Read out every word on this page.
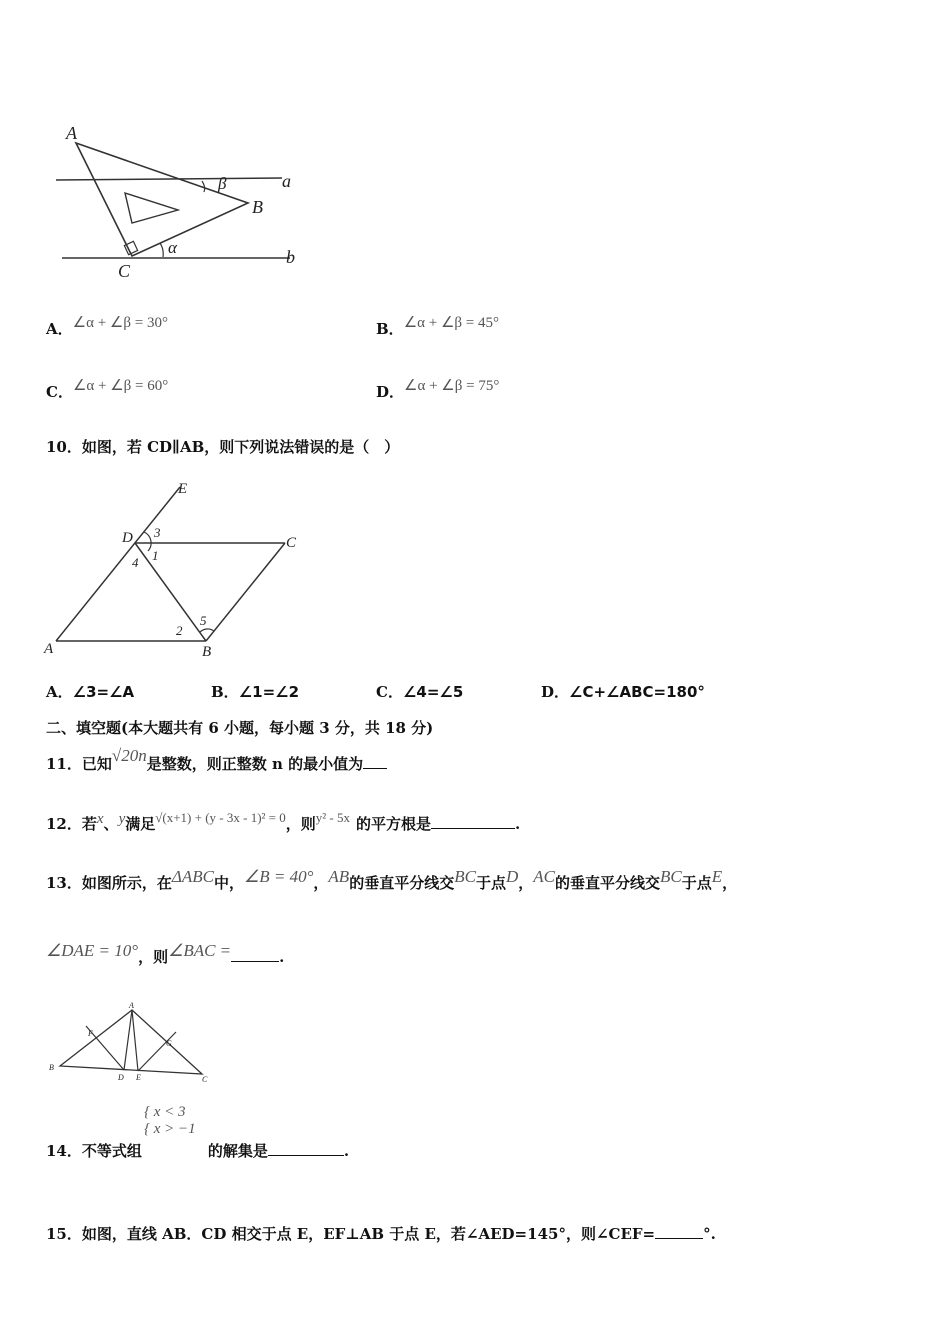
A
B
C
a
b
β
α
A．∠α + ∠β = 30°	B．∠α + ∠β = 45°
C．∠α + ∠β = 60°	D．∠α + ∠β = 75°
10．如图，若 CD∥AB，则下列说法错误的是（　）
E
D	C
A	B
3
1
4
2
5
A．∠3=∠A	B．∠1=∠2	C．∠4=∠5	D．∠C+∠ABC=180°
二、填空题(本大题共有 6 小题，每小题 3 分，共 18 分)
11．已知√20n是整数，则正整数 n 的最小值为
12．若x、y满足√(x+1) + (y - 3x - 1)² = 0，则y² - 5x 的平方根是	.
13．如图所示，在ΔABC中，∠B = 40°，AB的垂直平分线交BC于点D，AC的垂直平分线交BC于点E，
∠DAE = 10°，则∠BAC =	.
A
B
C
D E
F
G
{ x < 3
{ x > −1
14．不等式组	的解集是	.
15．如图，直线 AB．CD 相交于点 E，EF⊥AB 于点 E，若∠AED=145°，则∠CEF=	°.
